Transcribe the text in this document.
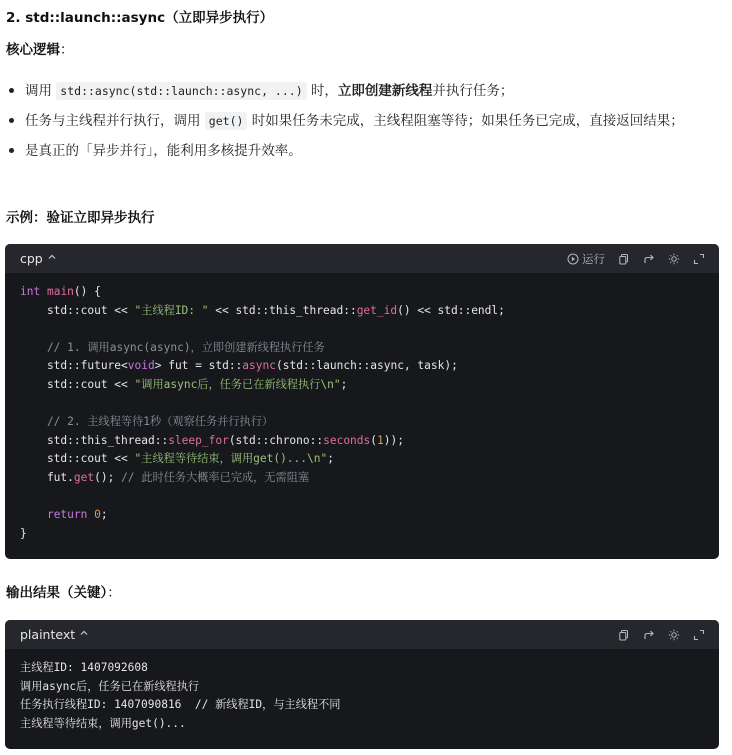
2. std::launch::async（立即异步执行）
核心逻辑：
调用 std::async(std::launch::async, ...) 时，立即创建新线程并执行任务；
任务与主线程并行执行，调用 get() 时如果任务未完成，主线程阻塞等待；如果任务已完成，直接返回结果；
是真正的「异步并行」，能利用多核提升效率。
示例：验证立即异步执行
cpp	运行
int main() {
std::cout << "主线程ID: " << std::this_thread::get_id() << std::endl;

// 1. 调用async(async)，立即创建新线程执行任务
std::future<void> fut = std::async(std::launch::async, task);
std::cout << "调用async后，任务已在新线程执行\n";

// 2. 主线程等待1秒（观察任务并行执行）
std::this_thread::sleep_for(std::chrono::seconds(1));
std::cout << "主线程等待结束，调用get()...\n";
fut.get(); // 此时任务大概率已完成，无需阻塞

return 0;
}
输出结果（关键）：
plaintext
主线程ID: 1407092608
调用async后，任务已在新线程执行
任务执行线程ID: 1407090816  // 新线程ID，与主线程不同
主线程等待结束，调用get()...
